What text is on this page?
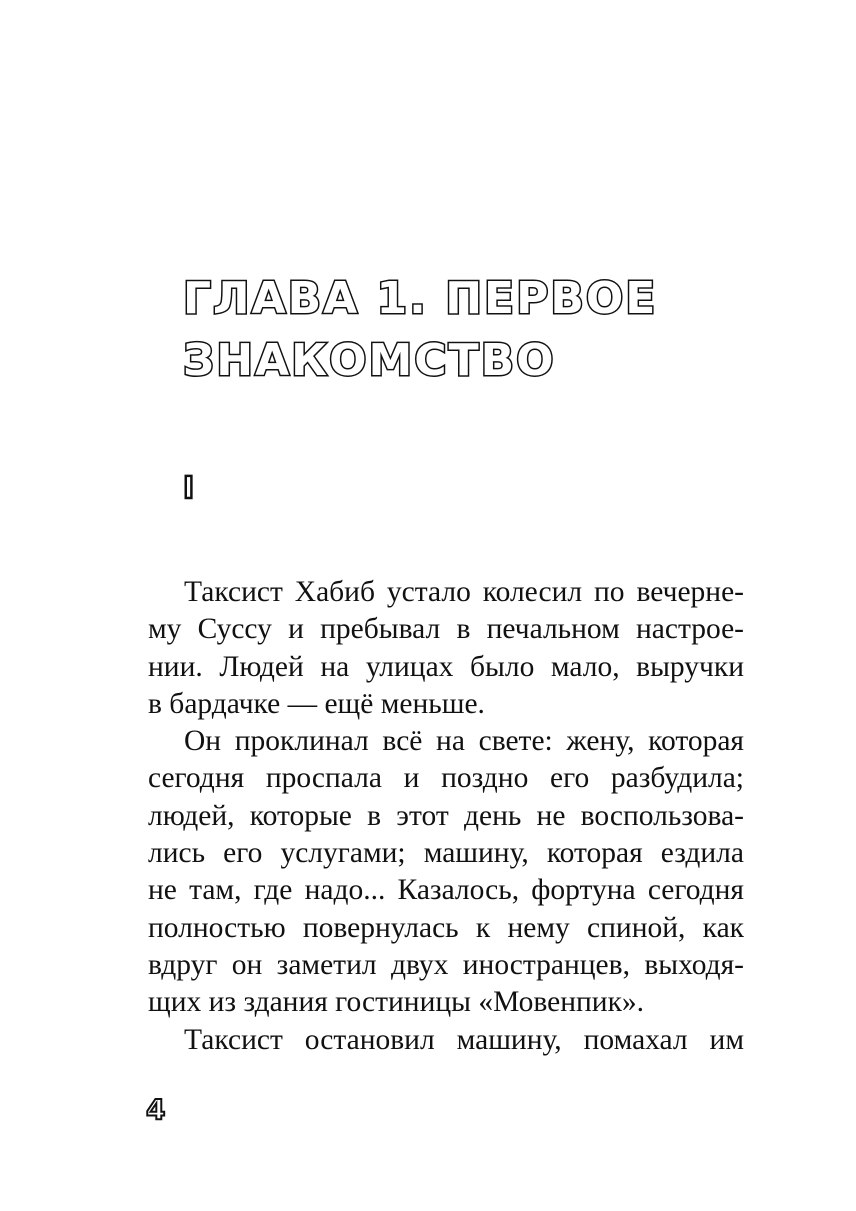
ГЛАВА 1. ПЕРВОЕ
ЗНАКОМСТВО
I
Таксист Хабиб устало колесил по вечерне-
му Суссу и пребывал в печальном настрое-
нии. Людей на улицах было мало, выручки
в бардачке — ещё меньше.
Он проклинал всё на свете: жену, которая
сегодня проспала и поздно его разбудила;
людей, которые в этот день не воспользова-
лись его услугами; машину, которая ездила
не там, где надо... Казалось, фортуна сегодня
полностью повернулась к нему спиной, как
вдруг он заметил двух иностранцев, выходя-
щих из здания гостиницы «Мовенпик».
Таксист остановил машину, помахал им
4
